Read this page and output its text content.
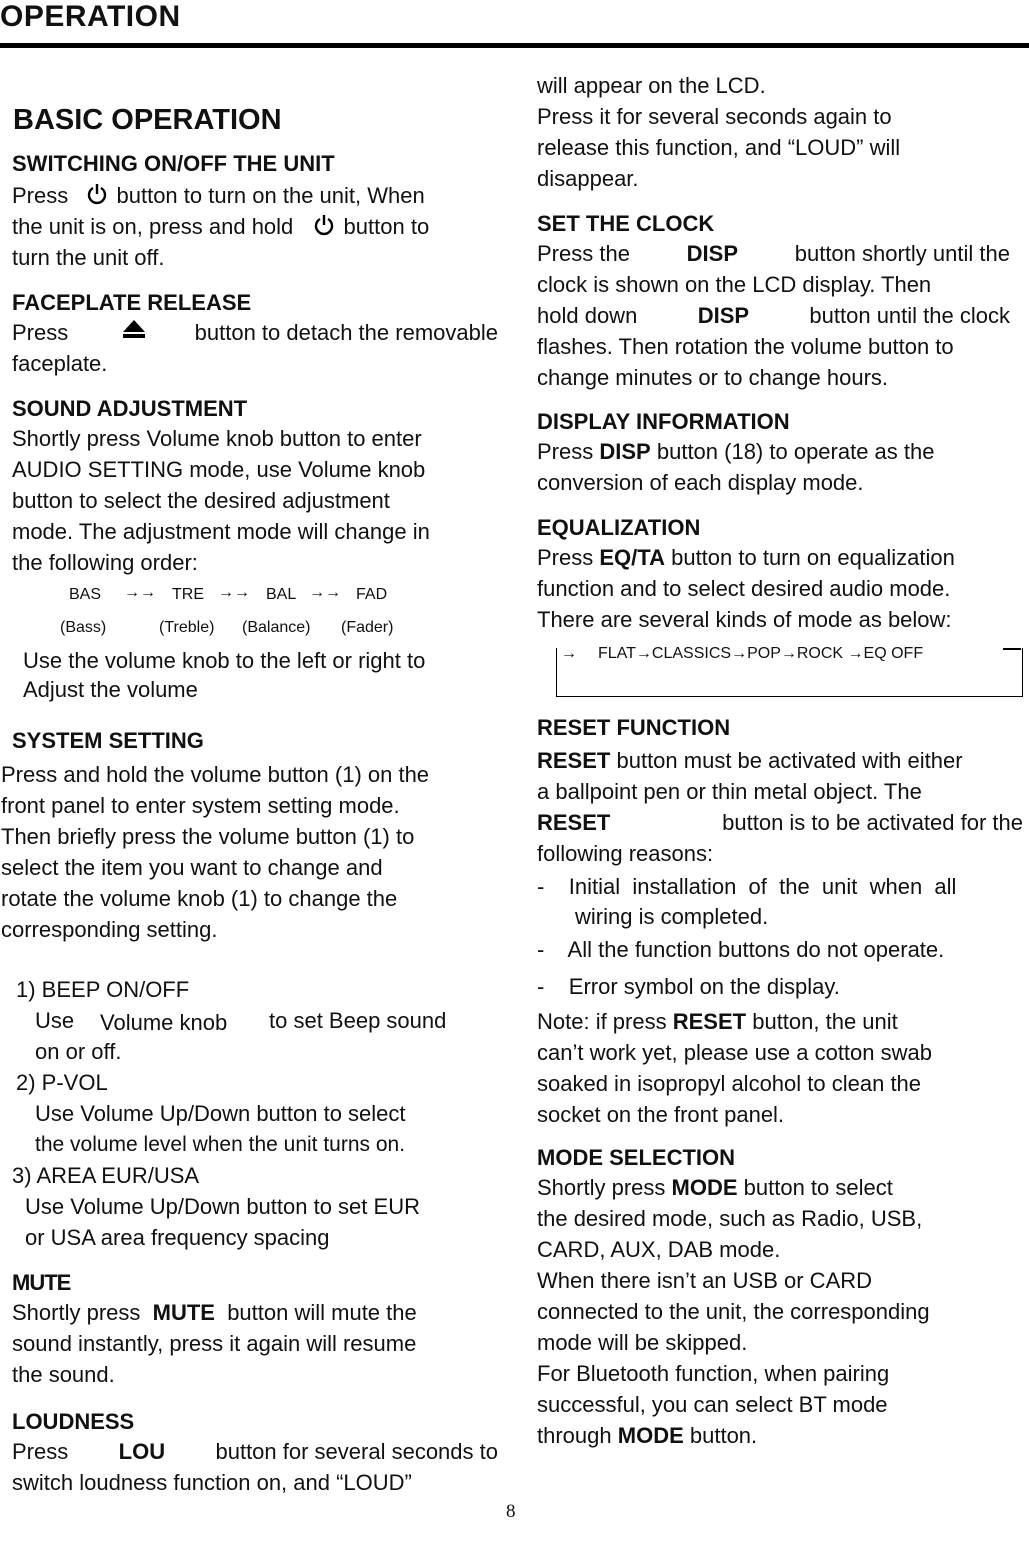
OPERATION
BASIC OPERATION
SWITCHING ON/OFF THE UNIT
Press button to turn on the unit, When
the unit is on, press and hold button to
turn the unit off.
FACEPLATE RELEASE
Press	button to detach the removable
faceplate.
SOUND ADJUSTMENT
Shortly press Volume knob button to enter
AUDIO SETTING mode, use Volume knob
button to select the desired adjustment
mode. The adjustment mode will change in
the following order:
BAS →→ TRE →→ BAL →→ FAD
(Bass)	(Treble) (Balance) (Fader)
Use the volume knob to the left or right to
Adjust the volume
SYSTEM SETTING
Press and hold the volume button (1) on the
front panel to enter system setting mode.
Then briefly press the volume button (1) to
select the item you want to change and
rotate the volume knob (1) to change the
corresponding setting.
1) BEEP ON/OFF
Use	to set Beep sound
Volume knob
on or off.
2) P-VOL
Use Volume Up/Down button to select
the volume level when the unit turns on.
3) AREA EUR/USA
Use Volume Up/Down button to set EUR
or USA area frequency spacing
MUTE
Shortly press MUTE button will mute the
sound instantly, press it again will resume
the sound.
LOUDNESS
Press LOU button for several seconds to
switch loudness function on, and “LOUD”
will appear on the LCD.
Press it for several seconds again to
release this function, and “LOUD” will
disappear.
SET THE CLOCK
Press the	DISP	button shortly until the
clock is shown on the LCD display. Then
hold down	DISP	button until the clock
flashes. Then rotation the volume button to
change minutes or to change hours.
DISPLAY INFORMATION
Press DISP button (18) to operate as the
conversion of each display mode.
EQUALIZATION
Press EQ/TA button to turn on equalization
function and to select desired audio mode.
There are several kinds of mode as below:
→ FLAT→CLASSICS→POP→ROCK →EQ OFF
RESET FUNCTION
RESET button must be activated with either
a ballpoint pen or thin metal object. The
RESET	button is to be activated for the
following reasons:
-    Initial  installation  of  the  unit  when  all
wiring is completed.
-    All the function buttons do not operate.
-    Error symbol on the display.
Note: if press RESET button, the unit
can’t work yet, please use a cotton swab
soaked in isopropyl alcohol to clean the
socket on the front panel.
MODE SELECTION
Shortly press MODE button to select
the desired mode, such as Radio, USB,
CARD, AUX, DAB mode.
When there isn’t an USB or CARD
connected to the unit, the corresponding
mode will be skipped.
For Bluetooth function, when pairing
successful, you can select BT mode
through MODE button.
8
